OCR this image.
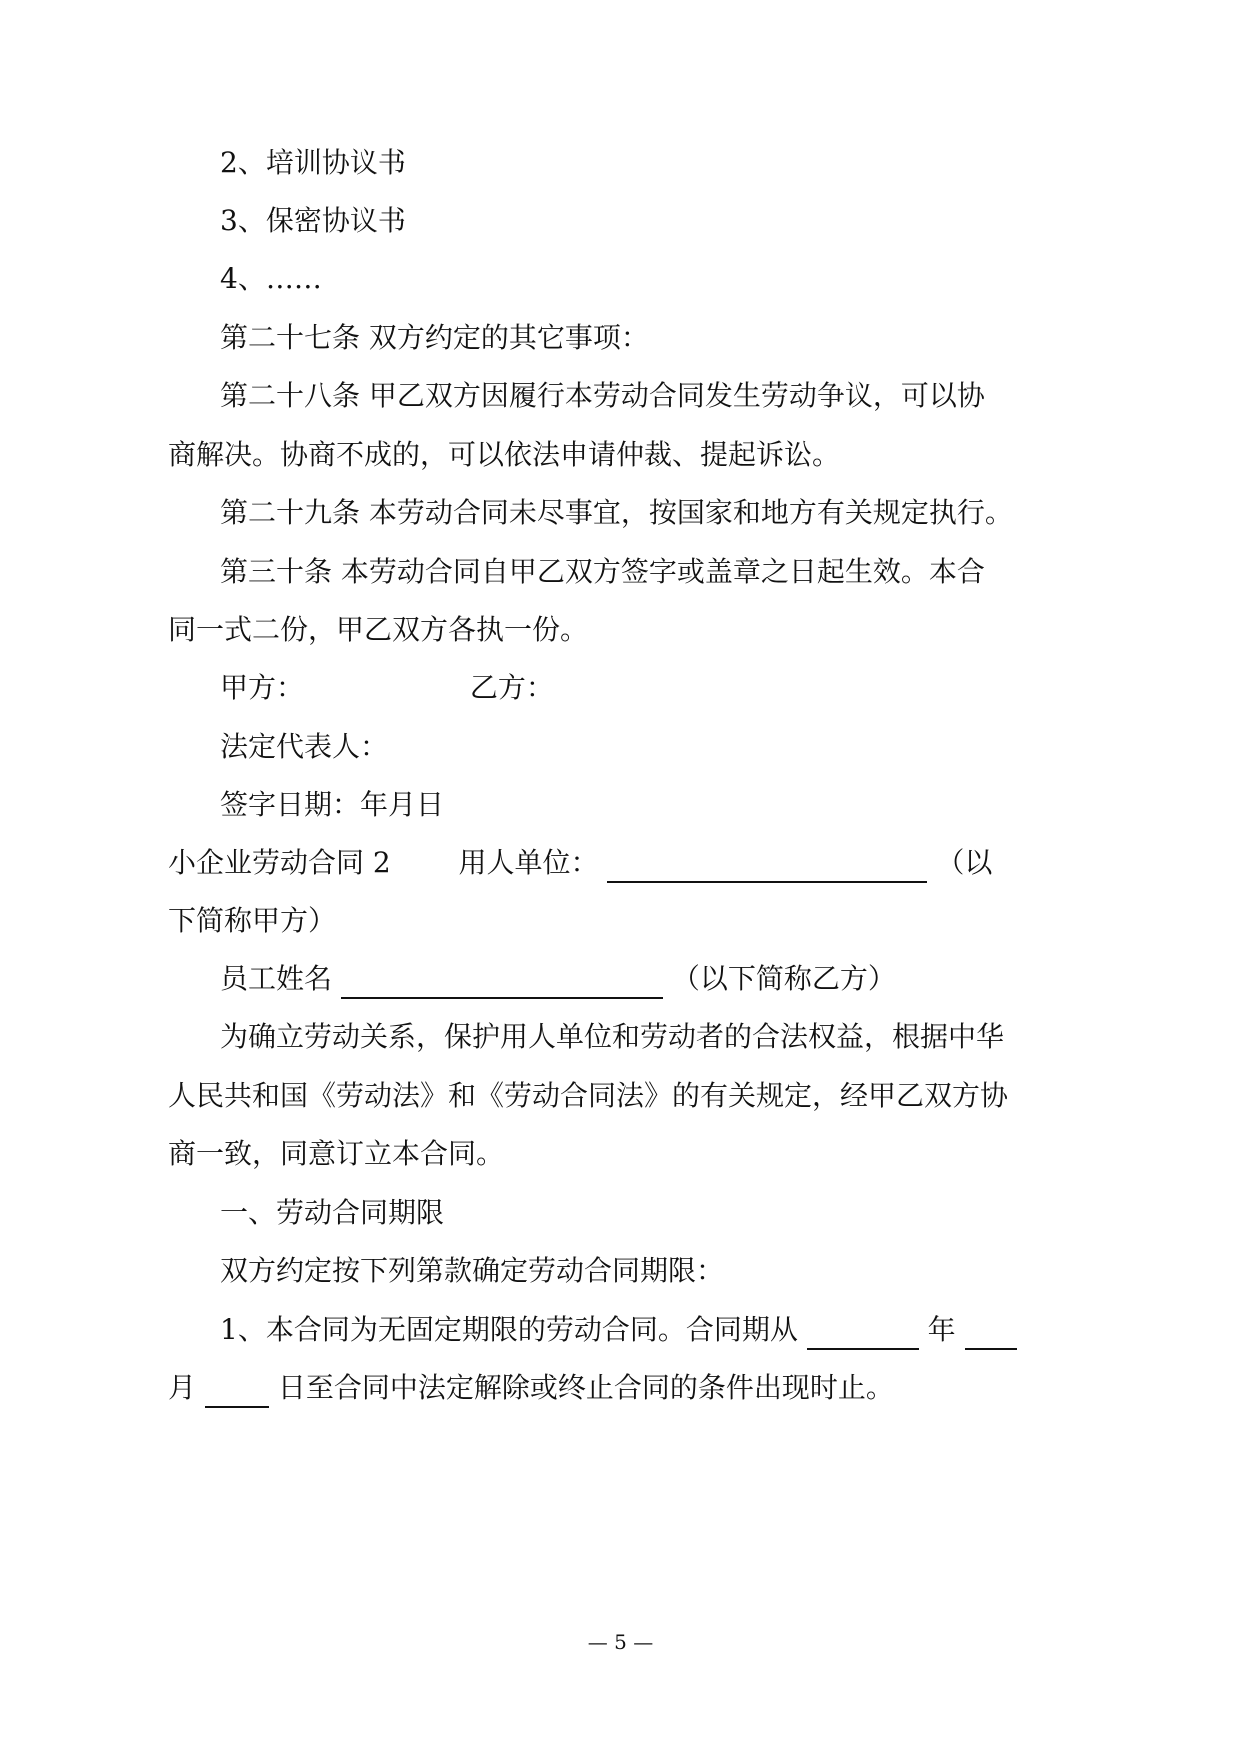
2、培训协议书
3、保密协议书
4、……
第二十七条 双方约定的其它事项：
第二十八条 甲乙双方因履行本劳动合同发生劳动争议，可以协
商解决。协商不成的，可以依法申请仲裁、提起诉讼。
第二十九条 本劳动合同未尽事宜，按国家和地方有关规定执行。
第三十条 本劳动合同自甲乙双方签字或盖章之日起生效。本合
同一式二份，甲乙双方各执一份。
甲方：	乙方：
法定代表人：
签字日期：年月日
小企业劳动合同 2 用人单位：	（以
下简称甲方）
员工姓名	（以下简称乙方）
为确立劳动关系，保护用人单位和劳动者的合法权益，根据中华
人民共和国《劳动法》和《劳动合同法》的有关规定，经甲乙双方协
商一致，同意订立本合同。
一、劳动合同期限
双方约定按下列第款确定劳动合同期限：
1、本合同为无固定期限的劳动合同。合同期从	年
月	日至合同中法定解除或终止合同的条件出现时止。
— 5 —
